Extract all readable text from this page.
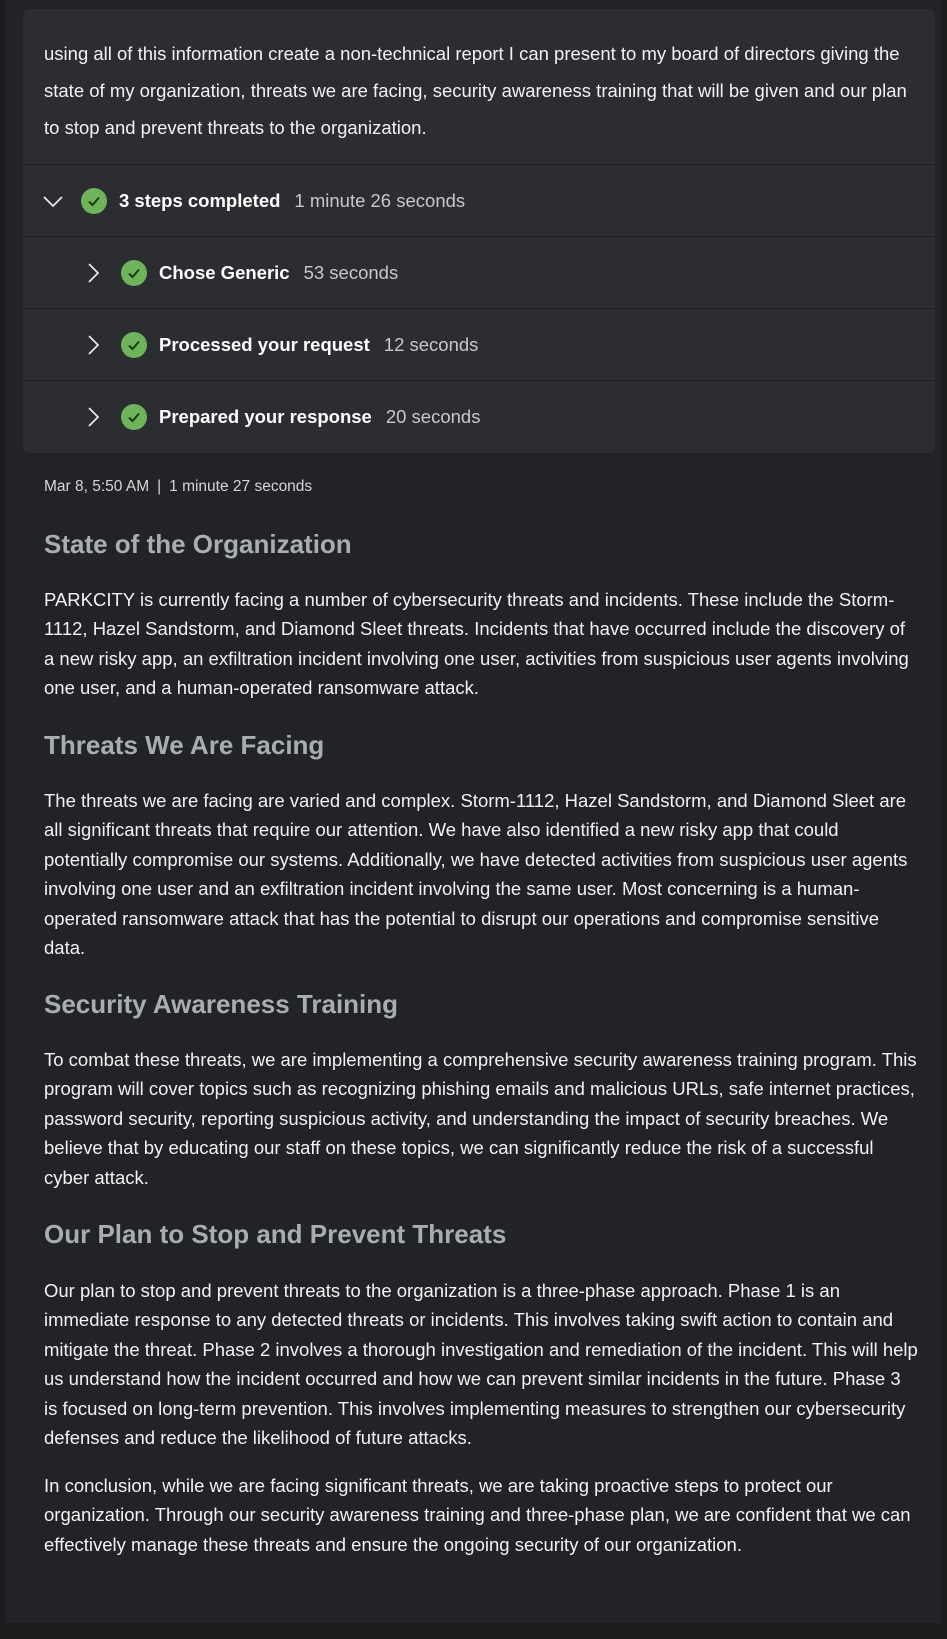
using all of this information create a non-technical report I can present to my board of directors giving the state of my organization, threats we are facing, security awareness training that will be given and our plan to stop and prevent threats to the organization.

3 steps completed 1 minute 26 seconds
Chose Generic 53 seconds
Processed your request 12 seconds
Prepared your response 20 seconds
Mar 8, 5:50 AM | 1 minute 27 seconds
State of the Organization

PARKCITY is currently facing a number of cybersecurity threats and incidents. These include the Storm-1112, Hazel Sandstorm, and Diamond Sleet threats. Incidents that have occurred include the discovery of a new risky app, an exfiltration incident involving one user, activities from suspicious user agents involving one user, and a human-operated ransomware attack.

Threats We Are Facing

The threats we are facing are varied and complex. Storm-1112, Hazel Sandstorm, and Diamond Sleet are all significant threats that require our attention. We have also identified a new risky app that could potentially compromise our systems. Additionally, we have detected activities from suspicious user agents involving one user and an exfiltration incident involving the same user. Most concerning is a human-operated ransomware attack that has the potential to disrupt our operations and compromise sensitive data.

Security Awareness Training

To combat these threats, we are implementing a comprehensive security awareness training program. This program will cover topics such as recognizing phishing emails and malicious URLs, safe internet practices, password security, reporting suspicious activity, and understanding the impact of security breaches. We believe that by educating our staff on these topics, we can significantly reduce the risk of a successful cyber attack.

Our Plan to Stop and Prevent Threats

Our plan to stop and prevent threats to the organization is a three-phase approach. Phase 1 is an immediate response to any detected threats or incidents. This involves taking swift action to contain and mitigate the threat. Phase 2 involves a thorough investigation and remediation of the incident. This will help us understand how the incident occurred and how we can prevent similar incidents in the future. Phase 3 is focused on long-term prevention. This involves implementing measures to strengthen our cybersecurity defenses and reduce the likelihood of future attacks.

In conclusion, while we are facing significant threats, we are taking proactive steps to protect our organization. Through our security awareness training and three-phase plan, we are confident that we can effectively manage these threats and ensure the ongoing security of our organization.
